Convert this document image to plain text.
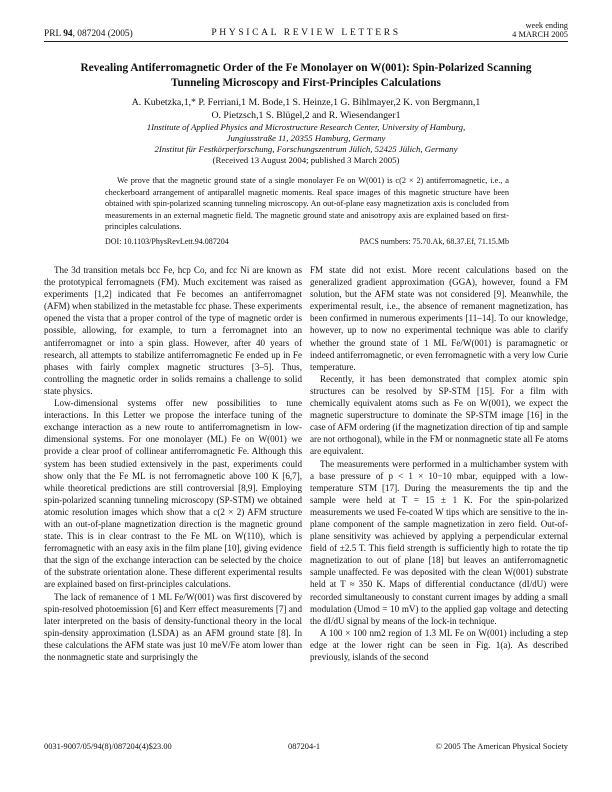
PRL 94, 087204 (2005)	PHYSICAL REVIEW LETTERS
week ending
4 MARCH 2005
Revealing Antiferromagnetic Order of the Fe Monolayer on W(001): Spin-Polarized Scanning
Tunneling Microscopy and First-Principles Calculations
A. Kubetzka,1,* P. Ferriani,1 M. Bode,1 S. Heinze,1 G. Bihlmayer,2 K. von Bergmann,1
O. Pietzsch,1 S. Blügel,2 and R. Wiesendanger1
1Institute of Applied Physics and Microstructure Research Center, University of Hamburg,
Jungiusstraße 11, 20355 Hamburg, Germany
2Institut für Festkörperforschung, Forschungszentrum Jülich, 52425 Jülich, Germany
(Received 13 August 2004; published 3 March 2005)
We prove that the magnetic ground state of a single monolayer Fe on W(001) is c(2 × 2) antiferromagnetic, i.e., a checkerboard arrangement of antiparallel magnetic moments. Real space images of this magnetic structure have been obtained with spin-polarized scanning tunneling microscopy. An out-of-plane easy magnetization axis is concluded from measurements in an external magnetic field. The magnetic ground state and anisotropy axis are explained based on first-principles calculations.
DOI: 10.1103/PhysRevLett.94.087204	PACS numbers: 75.70.Ak, 68.37.Ef, 71.15.Mb

The 3d transition metals bcc Fe, hcp Co, and fcc Ni are known as the prototypical ferromagnets (FM). Much excitement was raised as experiments [1,2] indicated that Fe becomes an antiferromagnet (AFM) when stabilized in the metastable fcc phase. These experiments opened the vista that a proper control of the type of magnetic order is possible, allowing, for example, to turn a ferromagnet into an antiferromagnet or into a spin glass. However, after 40 years of research, all attempts to stabilize antiferromagnetic Fe ended up in Fe phases with fairly complex magnetic structures [3–5]. Thus, controlling the magnetic order in solids remains a challenge to solid state physics.

Low-dimensional systems offer new possibilities to tune interactions. In this Letter we propose the interface tuning of the exchange interaction as a new route to antiferromagnetism in low-dimensional systems. For one monolayer (ML) Fe on W(001) we provide a clear proof of collinear antiferromagnetic Fe. Although this system has been studied extensively in the past, experiments could show only that the Fe ML is not ferromagnetic above 100 K [6,7], while theoretical predictions are still controversial [8,9]. Employing spin-polarized scanning tunneling microscopy (SP-STM) we obtained atomic resolution images which show that a c(2 × 2) AFM structure with an out-of-plane magnetization direction is the magnetic ground state. This is in clear contrast to the Fe ML on W(110), which is ferromagnetic with an easy axis in the film plane [10], giving evidence that the sign of the exchange interaction can be selected by the choice of the substrate orientation alone. These different experimental results are explained based on first-principles calculations.

The lack of remanence of 1 ML Fe/W(001) was first discovered by spin-resolved photoemission [6] and Kerr effect measurements [7] and later interpreted on the basis of density-functional theory in the local spin-density approximation (LSDA) as an AFM ground state [8]. In these calculations the AFM state was just 10 meV/Fe atom lower than the nonmagnetic state and surprisingly the

FM state did not exist. More recent calculations based on the generalized gradient approximation (GGA), however, found a FM solution, but the AFM state was not considered [9]. Meanwhile, the experimental result, i.e., the absence of remanent magnetization, has been confirmed in numerous experiments [11–14]. To our knowledge, however, up to now no experimental technique was able to clarify whether the ground state of 1 ML Fe/W(001) is paramagnetic or indeed antiferromagnetic, or even ferromagnetic with a very low Curie temperature.

Recently, it has been demonstrated that complex atomic spin structures can be resolved by SP-STM [15]. For a film with chemically equivalent atoms such as Fe on W(001), we expect the magnetic superstructure to dominate the SP-STM image [16] in the case of AFM ordering (if the magnetization direction of tip and sample are not orthogonal), while in the FM or nonmagnetic state all Fe atoms are equivalent.

The measurements were performed in a multichamber system with a base pressure of p < 1 × 10−10 mbar, equipped with a low-temperature STM [17]. During the measurements the tip and the sample were held at T = 15 ± 1 K. For the spin-polarized measurements we used Fe-coated W tips which are sensitive to the in-plane component of the sample magnetization in zero field. Out-of-plane sensitivity was achieved by applying a perpendicular external field of ±2.5 T. This field strength is sufficiently high to rotate the tip magnetization to out of plane [18] but leaves an antiferromagnetic sample unaffected. Fe was deposited with the clean W(001) substrate held at T ≈ 350 K. Maps of differential conductance (dI/dU) were recorded simultaneously to constant current images by adding a small modulation (Umod = 10 mV) to the applied gap voltage and detecting the dI/dU signal by means of the lock-in technique.

A 100 × 100 nm2 region of 1.3 ML Fe on W(001) including a step edge at the lower right can be seen in Fig. 1(a). As described previously, islands of the second

0031-9007/05/94(8)/087204(4)$23.00	087204-1	© 2005 The American Physical Society
